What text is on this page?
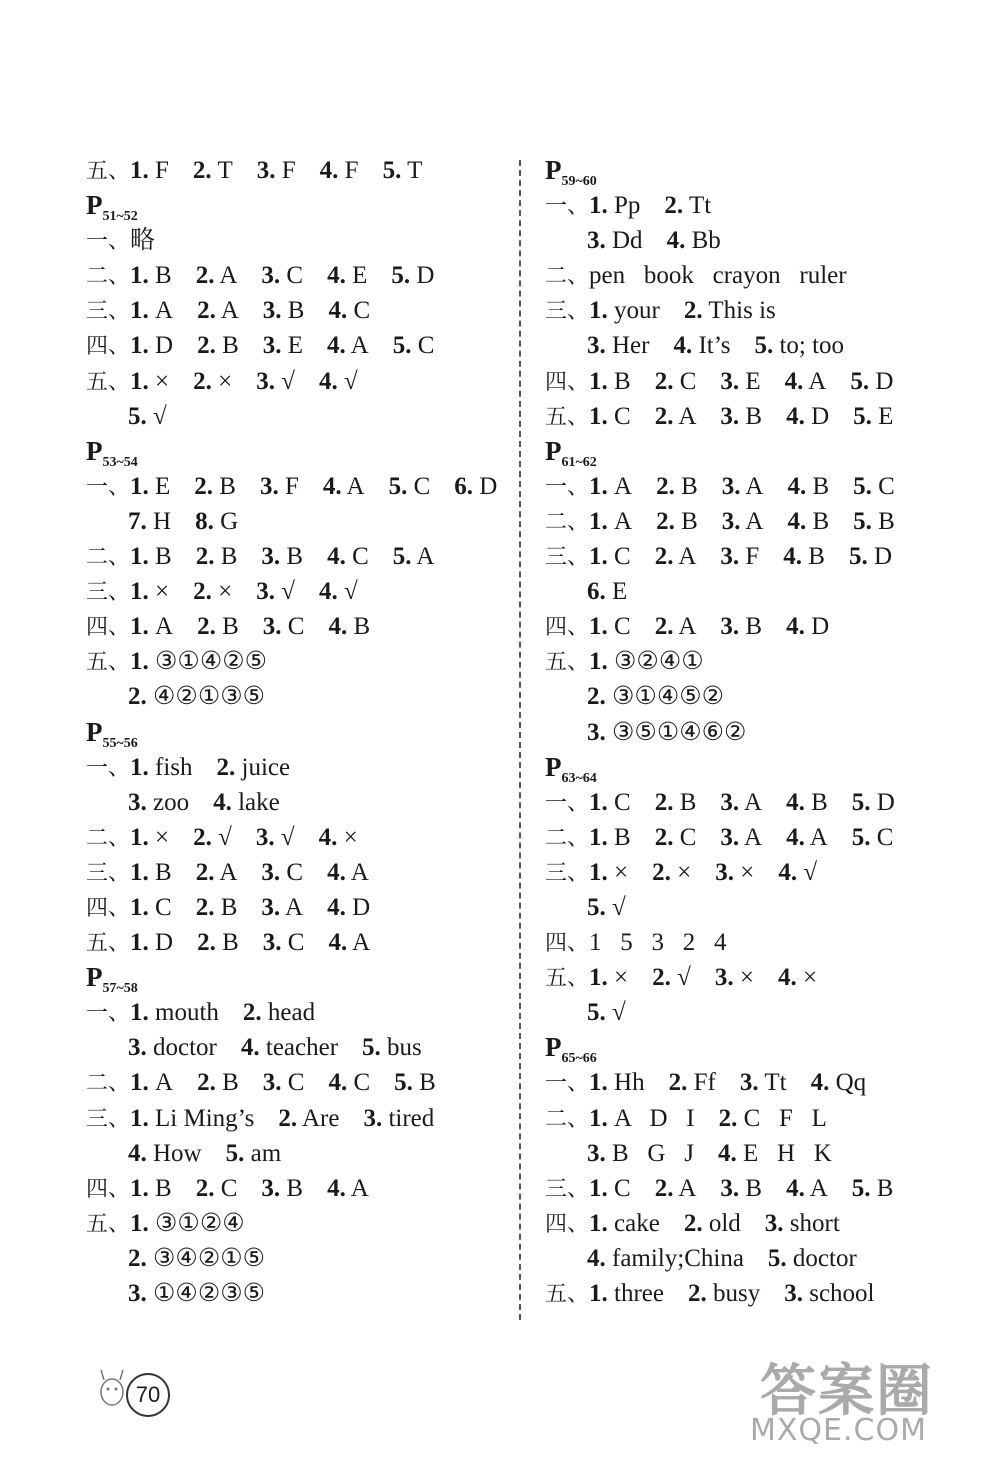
五、1. F 2. T 3. F 4. F 5. T
$P_{51\sim 52}$
一、略
二、1. B 2. A 3. C 4. E 5. D
三、1. A 2. A 3. B 4. C
四、1. D 2. B 3. E 4. A 5. C
五、1. × 2. × 3. √ 4. √
5. √
$P_{53\sim 54}$
一、1. E 2. B 3. F 4. A 5. C 6. D
7. H 8. G
二、1. B 2. B 3. B 4. C 5. A
三、1. × 2. × 3. √ 4. √
四、1. A 2. B 3. C 4. B
五、1. ③①④②⑤
2. ④②①③⑤
$P_{55\sim 56}$
一、1. fish 2. juice
3. zoo 4. lake
二、1. × 2. √ 3. √ 4. ×
三、1. B 2. A 3. C 4. A
四、1. C 2. B 3. A 4. D
五、1. D 2. B 3. C 4. A
$P_{57\sim 58}$
一、1. mouth 2. head
3. doctor 4. teacher 5. bus
二、1. A 2. B 3. C 4. C 5. B
三、1. Li Ming’s 2. Are 3. tired
4. How 5. am
四、1. B 2. C 3. B 4. A
五、1. ③①②④
2. ③④②①⑤
3. ①④②③⑤
$P_{59\sim 60}$
一、1. Pp 2. Tt
3. Dd 4. Bb
二、pen   book   crayon   ruler
三、1. your 2. This is
3. Her 4. It’s 5. to; too
四、1. B 2. C 3. E 4. A 5. D
五、1. C 2. A 3. B 4. D 5. E
$P_{61\sim 62}$
一、1. A 2. B 3. A 4. B 5. C
二、1. A 2. B 3. A 4. B 5. B
三、1. C 2. A 3. F 4. B 5. D
6. E
四、1. C 2. A 3. B 4. D
五、1. ③②④①
2. ③①④⑤②
3. ③⑤①④⑥②
$P_{63\sim 64}$
一、1. C 2. B 3. A 4. B 5. D
二、1. B 2. C 3. A 4. A 5. C
三、1. × 2. × 3. × 4. √
5. √
四、1   5   3   2   4
五、1. × 2. √ 3. × 4. ×
5. √
$P_{65\sim 66}$
一、1. Hh 2. Ff 3. Tt 4. Qq
二、1. A   D   I 2. C   F   L
3. B   G   J 4. E   H   K
三、1. C 2. A 3. B 4. A 5. B
四、1. cake 2. old 3. short
4. family;China 5. doctor
五、1. three 2. busy 3. school
70	答案圈
MXQE.COM
